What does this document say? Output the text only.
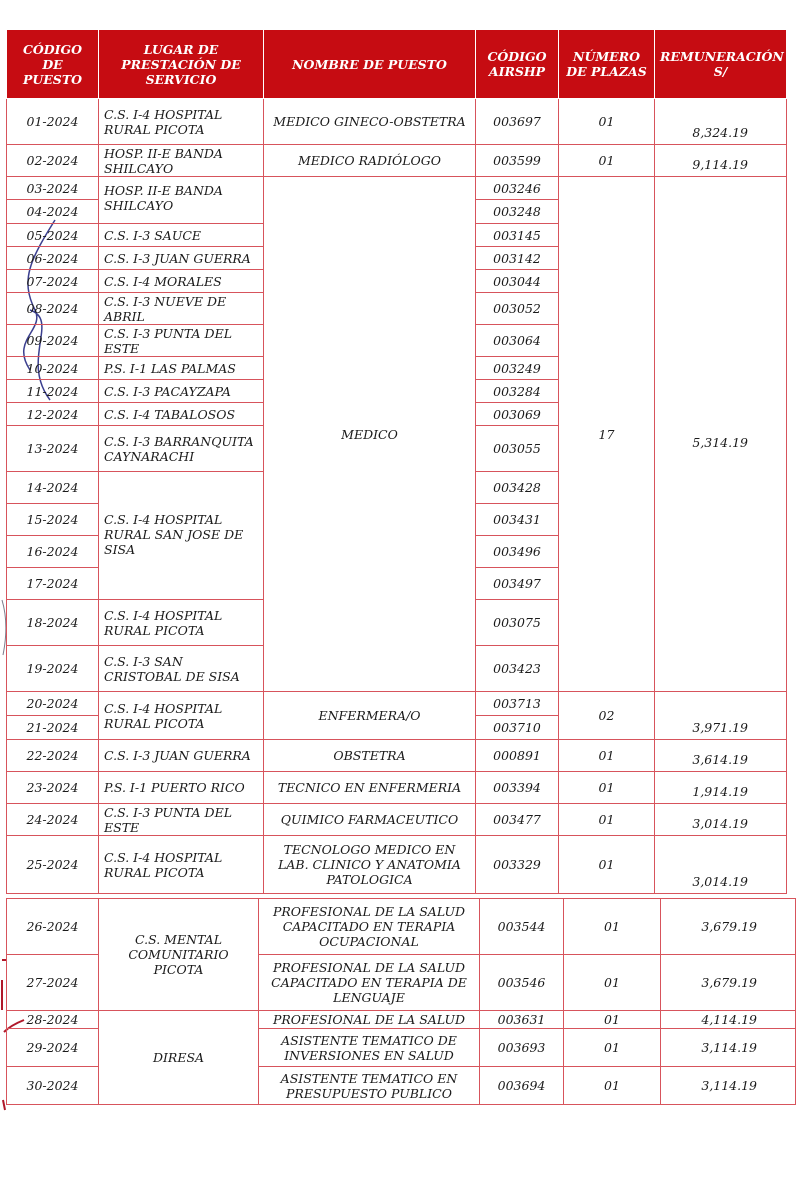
CÓDIGO DE PUESTO	LUGAR DE PRESTACIÓN DE SERVICIO	NOMBRE DE PUESTO	CÓDIGO AIRSHP	NÚMERO DE PLAZAS	REMUNERACIÓN S/
01-2024	C.S. I-4 HOSPITAL RURAL PICOTA	MEDICO GINECO-OBSTETRA	003697	01	8,324.19
02-2024	HOSP. II-E BANDA SHILCAYO	MEDICO RADIÓLOGO	003599	01	9,114.19
03-2024	HOSP. II-E BANDA SHILCAYO	MEDICO	003246	17	5,314.19
04-2024			003248		
05-2024	C.S. I-3 SAUCE		003145		
06-2024	C.S. I-3 JUAN GUERRA		003142		
07-2024	C.S. I-4 MORALES		003044		
08-2024	C.S. I-3 NUEVE DE ABRIL		003052		
09-2024	C.S. I-3 PUNTA DEL ESTE		003064		
10-2024	P.S. I-1 LAS PALMAS		003249		
11-2024	C.S. I-3 PACAYZAPA		003284		
12-2024	C.S. I-4 TABALOSOS		003069		
13-2024	C.S. I-3 BARRANQUITA CAYNARACHI		003055		
14-2024	C.S. I-4 HOSPITAL RURAL SAN JOSE DE SISA		003428		
15-2024			003431		
16-2024			003496		
17-2024			003497		
18-2024	C.S. I-4 HOSPITAL RURAL PICOTA		003075		
19-2024	C.S. I-3 SAN CRISTOBAL DE SISA		003423		
20-2024	C.S. I-4 HOSPITAL RURAL PICOTA	ENFERMERA/O	003713	02	3,971.19
21-2024			003710		
22-2024	C.S. I-3 JUAN GUERRA	OBSTETRA	000891	01	3,614.19
23-2024	P.S. I-1 PUERTO RICO	TECNICO EN ENFERMERIA	003394	01	1,914.19
24-2024	C.S. I-3 PUNTA DEL ESTE	QUIMICO FARMACEUTICO	003477	01	3,014.19
25-2024	C.S. I-4 HOSPITAL RURAL PICOTA	TECNOLOGO MEDICO EN LAB. CLINICO Y ANATOMIA PATOLOGICA	003329	01	3,014.19
26-2024	C.S. MENTAL COMUNITARIO PICOTA	PROFESIONAL DE LA SALUD CAPACITADO EN TERAPIA OCUPACIONAL	003544	01	3,679.19
27-2024		PROFESIONAL DE LA SALUD CAPACITADO EN TERAPIA DE LENGUAJE	003546	01	3,679.19
28-2024	DIRESA	PROFESIONAL DE LA SALUD	003631	01	4,114.19
29-2024		ASISTENTE TEMATICO DE INVERSIONES EN SALUD	003693	01	3,114.19
30-2024		ASISTENTE TEMATICO EN PRESUPUESTO PUBLICO	003694	01	3,114.19
